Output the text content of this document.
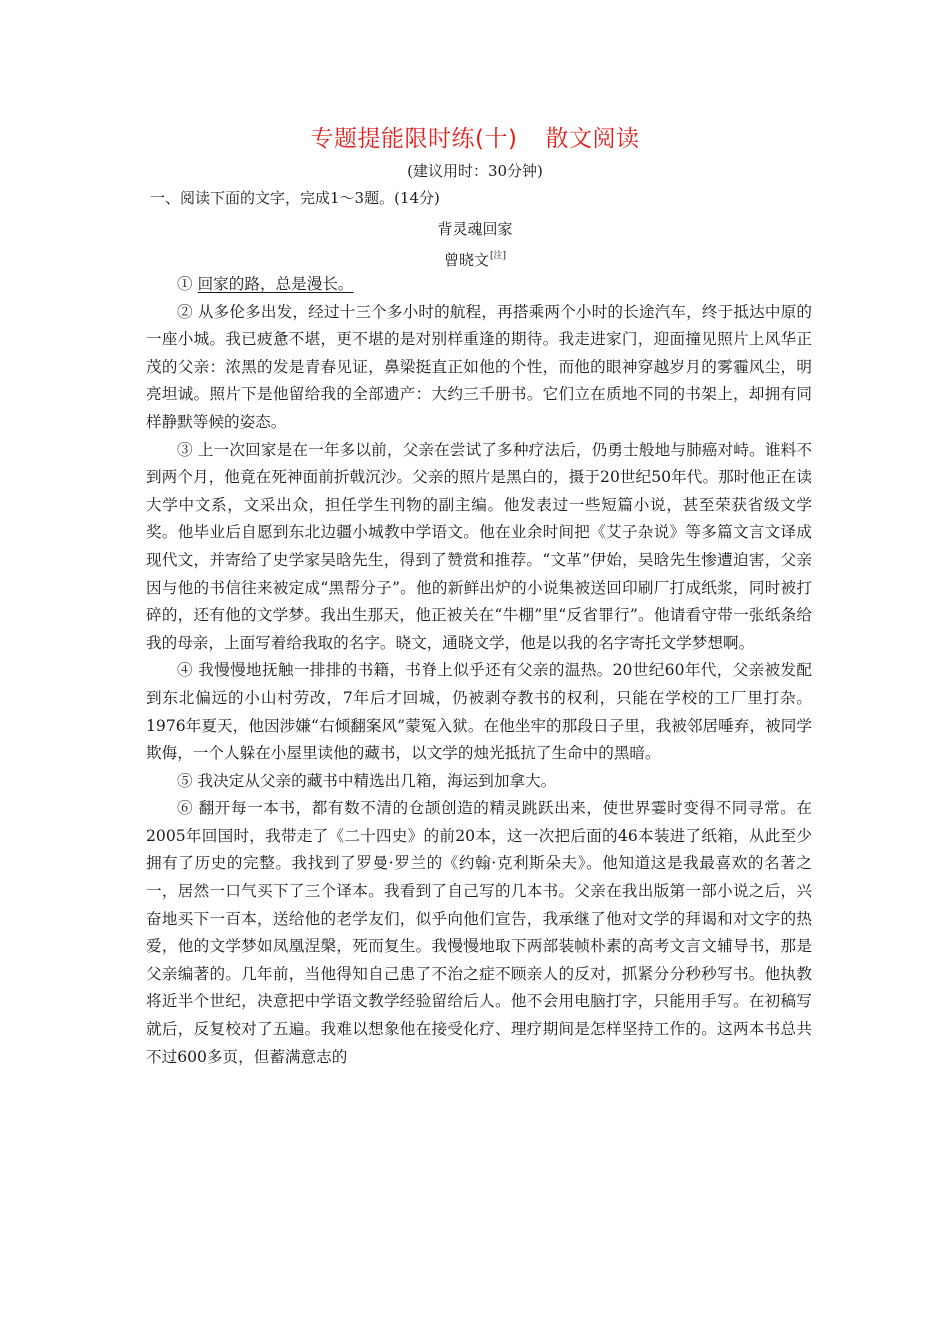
专题提能限时练(十) 散文阅读
(建议用时：30分钟)
一、阅读下面的文字，完成1～3题。(14分)
背灵魂回家
曾晓文[注]

① 回家的路，总是漫长。

② 从多伦多出发，经过十三个多小时的航程，再搭乘两个小时的长途汽车，终于抵达中原的一座小城。我已疲惫不堪，更不堪的是对别样重逢的期待。我走进家门，迎面撞见照片上风华正茂的父亲：浓黑的发是青春见证，鼻梁挺直正如他的个性，而他的眼神穿越岁月的雾霾风尘，明亮坦诚。照片下是他留给我的全部遗产：大约三千册书。它们立在质地不同的书架上，却拥有同样静默等候的姿态。

③ 上一次回家是在一年多以前，父亲在尝试了多种疗法后，仍勇士般地与肺癌对峙。谁料不到两个月，他竟在死神面前折戟沉沙。父亲的照片是黑白的，摄于20世纪50年代。那时他正在读大学中文系，文采出众，担任学生刊物的副主编。他发表过一些短篇小说，甚至荣获省级文学奖。他毕业后自愿到东北边疆小城教中学语文。他在业余时间把《艾子杂说》等多篇文言文译成现代文，并寄给了史学家吴晗先生，得到了赞赏和推荐。“文革”伊始，吴晗先生惨遭迫害，父亲因与他的书信往来被定成“黑帮分子”。他的新鲜出炉的小说集被送回印刷厂打成纸浆，同时被打碎的，还有他的文学梦。我出生那天，他正被关在“牛棚”里“反省罪行”。他请看守带一张纸条给我的母亲，上面写着给我取的名字。晓文，通晓文学，他是以我的名字寄托文学梦想啊。

④ 我慢慢地抚触一排排的书籍，书脊上似乎还有父亲的温热。20世纪60年代，父亲被发配到东北偏远的小山村劳改，7年后才回城，仍被剥夺教书的权利，只能在学校的工厂里打杂。1976年夏天，他因涉嫌“右倾翻案风”蒙冤入狱。在他坐牢的那段日子里，我被邻居唾弃，被同学欺侮，一个人躲在小屋里读他的藏书，以文学的烛光抵抗了生命中的黑暗。

⑤ 我决定从父亲的藏书中精选出几箱，海运到加拿大。

⑥ 翻开每一本书，都有数不清的仓颉创造的精灵跳跃出来，使世界霎时变得不同寻常。在2005年回国时，我带走了《二十四史》的前20本，这一次把后面的46本装进了纸箱，从此至少拥有了历史的完整。我找到了罗曼·罗兰的《约翰·克利斯朵夫》。他知道这是我最喜欢的名著之一，居然一口气买下了三个译本。我看到了自己写的几本书。父亲在我出版第一部小说之后，兴奋地买下一百本，送给他的老学友们，似乎向他们宣告，我承继了他对文学的拜谒和对文字的热爱，他的文学梦如凤凰涅槃，死而复生。我慢慢地取下两部装帧朴素的高考文言文辅导书，那是父亲编著的。几年前，当他得知自己患了不治之症不顾亲人的反对，抓紧分分秒秒写书。他执教将近半个世纪，决意把中学语文教学经验留给后人。他不会用电脑打字，只能用手写。在初稿写就后，反复校对了五遍。我难以想象他在接受化疗、理疗期间是怎样坚持工作的。这两本书总共不过600多页，但蓄满意志的
